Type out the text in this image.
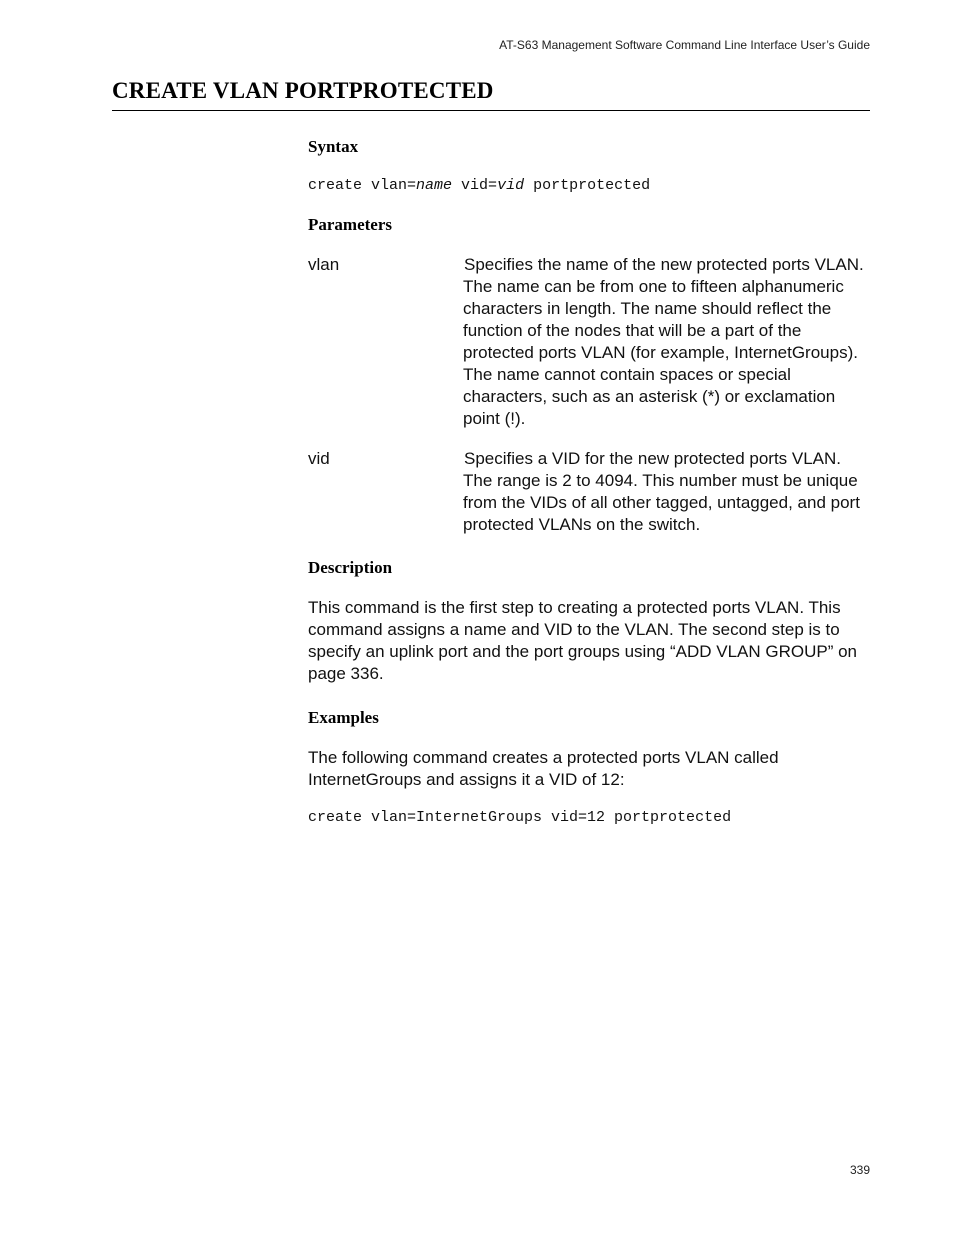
AT-S63 Management Software Command Line Interface User’s Guide
CREATE VLAN PORTPROTECTED
Syntax
create vlan=name vid=vid portprotected
Parameters
vlan	Specifies the name of the new protected ports VLAN. The name can be from one to fifteen alphanumeric characters in length. The name should reflect the function of the nodes that will be a part of the protected ports VLAN (for example, InternetGroups). The name cannot contain spaces or special characters, such as an asterisk (*) or exclamation point (!).
vid	Specifies a VID for the new protected ports VLAN. The range is 2 to 4094. This number must be unique from the VIDs of all other tagged, untagged, and port protected VLANs on the switch.
Description

This command is the first step to creating a protected ports VLAN. This command assigns a name and VID to the VLAN. The second step is to specify an uplink port and the port groups using “ADD VLAN GROUP” on page 336.

Examples

The following command creates a protected ports VLAN called InternetGroups and assigns it a VID of 12:

create vlan=InternetGroups vid=12 portprotected
339
